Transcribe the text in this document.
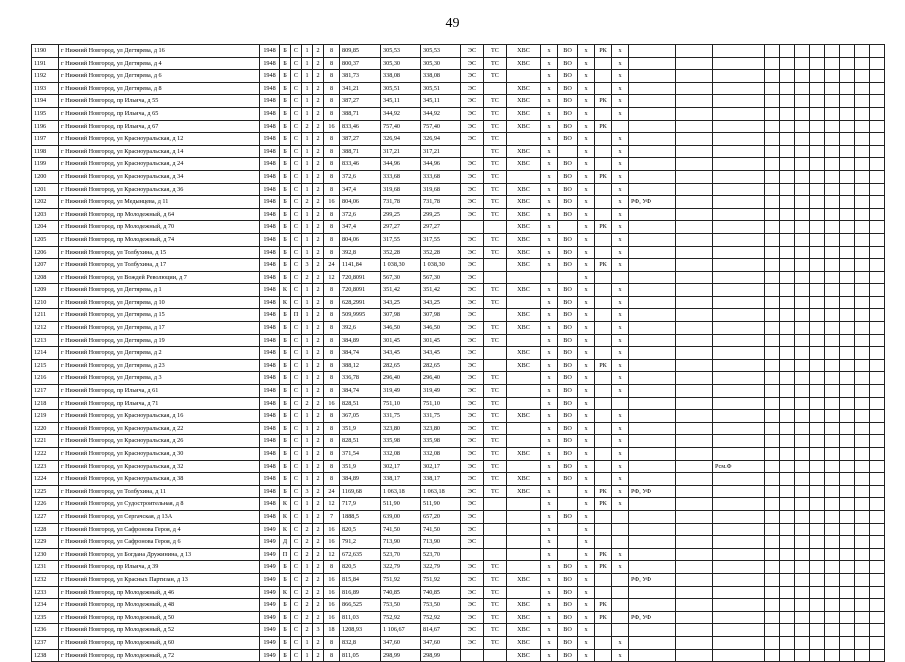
49
1190	г Нижний Новгород, ул Дегтярева, д 16	1948	Б	С	1	2	8	809,85	305,53	305,53	ЭС	ТС	ХВС	х	ВО	х	РК	х											
1191	г Нижний Новгород, ул Дегтярева, д 4	1948	Б	С	1	2	8	800,37	305,30	305,30	ЭС	ТС	ХВС	х	ВО	х		х											
1192	г Нижний Новгород, ул Дегтярева, д 6	1948	Б	С	1	2	8	381,73	338,08	338,08	ЭС	ТС		х	ВО	х		х											
1193	г Нижний Новгород, ул Дегтярева, д 8	1948	Б	С	1	2	8	341,21	305,51	305,51	ЭС		ХВС	х	ВО	х		х											
1194	г Нижний Новгород, пр Ильича, д 55	1948	Б	С	1	2	8	387,27	345,11	345,11	ЭС	ТС	ХВС	х	ВО	х	РК	х											
1195	г Нижний Новгород, пр Ильича, д 65	1948	Б	С	1	2	8	388,71	344,92	344,92	ЭС	ТС	ХВС	х	ВО	х		х											
1196	г Нижний Новгород, пр Ильича, д 67	1948	Б	С	2	2	16	833,46	757,40	757,40	ЭС	ТС	ХВС	х	ВО	х	РК												
1197	г Нижний Новгород, ул Красноуральская, д 12	1948	Б	С	1	2	8	387,27	326,94	326,94	ЭС	ТС		х	ВО	х		х											
1198	г Нижний Новгород, ул Красноуральская, д 14	1948	Б	С	1	2	8	388,71	317,21	317,21		ТС	ХВС	х		х		х											
1199	г Нижний Новгород, ул Красноуральская, д 24	1948	Б	С	1	2	8	833,46	344,96	344,96	ЭС	ТС	ХВС	х	ВО	х		х											
1200	г Нижний Новгород, ул Красноуральская, д 34	1948	Б	С	1	2	8	372,6	333,68	333,68	ЭС	ТС		х	ВО	х	РК	х											
1201	г Нижний Новгород, ул Красноуральская, д 36	1948	Б	С	1	2	8	347,4	319,68	319,68	ЭС	ТС	ХВС	х	ВО	х		х											
1202	г Нижний Новгород, ул Медынцева, д 11	1948	Б	С	2	2	16	804,06	731,78	731,78	ЭС	ТС	ХВС	х	ВО	х		х	РФ, УФ										
1203	г Нижний Новгород, пр Молодежный, д 64	1948	Б	С	1	2	8	372,6	299,25	299,25	ЭС	ТС	ХВС	х	ВО	х		х											
1204	г Нижний Новгород, пр Молодежный, д 70	1948	Б	С	1	2	8	347,4	297,27	297,27			ХВС	х		х	РК	х											
1205	г Нижний Новгород, пр Молодежный, д 74	1948	Б	С	1	2	8	804,06	317,55	317,55	ЭС	ТС	ХВС	х	ВО	х		х											
1206	г Нижний Новгород, ул Толбухина, д 15	1948	Б	С	1	2	8	392,8	352,28	352,28	ЭС	ТС	ХВС	х	ВО	х		х											
1207	г Нижний Новгород, ул Толбухина, д 17	1948	Б	С	3	2	24	1141,84	1 038,30	1 038,30	ЭС		ХВС	х	ВО	х	РК	х											
1208	г Нижний Новгород, ул Вождей Революции, д 7	1948	Б	С	2	2	12	720,8091	567,30	567,30	ЭС					х													
1209	г Нижний Новгород, ул Дегтярева, д 1	1948	К	С	1	2	8	720,8091	351,42	351,42	ЭС	ТС	ХВС	х	ВО	х		х											
1210	г Нижний Новгород, ул Дегтярева, д 10	1948	К	С	1	2	8	628,2991	343,25	343,25	ЭС	ТС		х	ВО	х		х											
1211	г Нижний Новгород, ул Дегтярева, д 15	1948	Б	П	1	2	8	509,9995	307,98	307,98	ЭС		ХВС	х	ВО	х		х											
1212	г Нижний Новгород, ул Дегтярева, д 17	1948	Б	С	1	2	8	392,6	346,50	346,50	ЭС	ТС	ХВС	х	ВО	х		х											
1213	г Нижний Новгород, ул Дегтярева, д 19	1948	Б	С	1	2	8	384,89	301,45	301,45	ЭС	ТС		х	ВО	х		х											
1214	г Нижний Новгород, ул Дегтярева, д 2	1948	Б	С	1	2	8	384,74	343,45	343,45	ЭС		ХВС	х	ВО	х		х											
1215	г Нижний Новгород, ул Дегтярева, д 23	1948	Б	С	1	2	8	388,12	282,65	282,65	ЭС		ХВС	х	ВО	х	РК	х											
1216	г Нижний Новгород, ул Дегтярева, д 3	1948	Б	С	1	2	8	336,78	296,40	296,40	ЭС	ТС		х	ВО	х		х											
1217	г Нижний Новгород, пр Ильича, д 61	1948	Б	С	1	2	8	384,74	319,49	319,49	ЭС	ТС		х	ВО	х		х											
1218	г Нижний Новгород, пр Ильича, д 71	1948	Б	С	2	2	16	828,51	751,10	751,10	ЭС	ТС		х	ВО	х													
1219	г Нижний Новгород, ул Красноуральская, д 16	1948	Б	С	1	2	8	367,05	331,75	331,75	ЭС	ТС	ХВС	х	ВО	х		х											
1220	г Нижний Новгород, ул Красноуральская, д 22	1948	Б	С	1	2	8	351,9	323,80	323,80	ЭС	ТС		х	ВО	х		х											
1221	г Нижний Новгород, ул Красноуральская, д 26	1948	Б	С	1	2	8	828,51	335,98	335,98	ЭС	ТС		х	ВО	х		х											
1222	г Нижний Новгород, ул Красноуральская, д 30	1948	Б	С	1	2	8	371,54	332,08	332,08	ЭС	ТС	ХВС	х	ВО	х		х											
1223	г Нижний Новгород, ул Красноуральская, д 32	1948	Б	С	1	2	8	351,9	302,17	302,17	ЭС	ТС		х	ВО	х		х			Рсм.Ф								
1224	г Нижний Новгород, ул Красноуральская, д 38	1948	Б	С	1	2	8	384,89	338,17	338,17	ЭС	ТС	ХВС	х	ВО	х		х											
1225	г Нижний Новгород, ул Толбухина, д 11	1948	Б	С	3	2	24	1169,68	1 063,18	1 063,18	ЭС	ТС	ХВС	х		х	РК	х	РФ, УФ										
1226	г Нижний Новгород, ул Судостроительная, д 8	1948	К	С	1	2	12	717,9	511,90	511,90	ЭС			х		х	РК	х											
1227	г Нижний Новгород, ул Сергачская, д 13А	1948	К	С	1	2	7	1888,5	639,00	657,20	ЭС			х	ВО	х													
1228	г Нижний Новгород, ул Сафронова Героя, д 4	1949	К	С	2	2	16	820,5	741,50	741,50	ЭС			х		х													
1229	г Нижний Новгород, ул Сафронова Героя, д 6	1949	Д	С	2	2	16	791,2	713,90	713,90	ЭС			х		х													
1230	г Нижний Новгород, ул Богдана Дружинина, д 13	1949	П	С	2	2	12	672,635	523,70	523,70				х		х	РК	х											
1231	г Нижний Новгород, пр Ильича, д 39	1949	Б	С	1	2	8	820,5	322,79	322,79	ЭС	ТС		х	ВО	х	РК	х											
1232	г Нижний Новгород, ул Красных Партизан, д 13	1949	Б	С	2	2	16	815,84	751,92	751,92	ЭС	ТС	ХВС	х	ВО	х			РФ, УФ										
1233	г Нижний Новгород, пр Молодежный, д 46	1949	К	С	2	2	16	816,89	740,85	740,85	ЭС	ТС		х	ВО	х													
1234	г Нижний Новгород, пр Молодежный, д 48	1949	Б	С	2	2	16	866,525	753,50	753,50	ЭС	ТС	ХВС	х	ВО	х	РК												
1235	г Нижний Новгород, пр Молодежный, д 50	1949	Б	С	2	2	16	811,03	752,92	752,92	ЭС	ТС	ХВС	х	ВО	х	РК		РФ, УФ										
1236	г Нижний Новгород, пр Молодежный, д 52	1949	Б	С	2	3	18	1208,93	1 106,67	814,67	ЭС	ТС	ХВС	х	ВО	х													
1237	г Нижний Новгород, пр Молодежный, д 60	1949	Б	С	1	2	8	832,8	347,60	347,60	ЭС	ТС	ХВС	х	ВО	х		х											
1238	г Нижний Новгород, пр Молодежный, д 72	1949	Б	С	1	2	8	811,05	298,99	298,99			ХВС	х	ВО	х		х											
